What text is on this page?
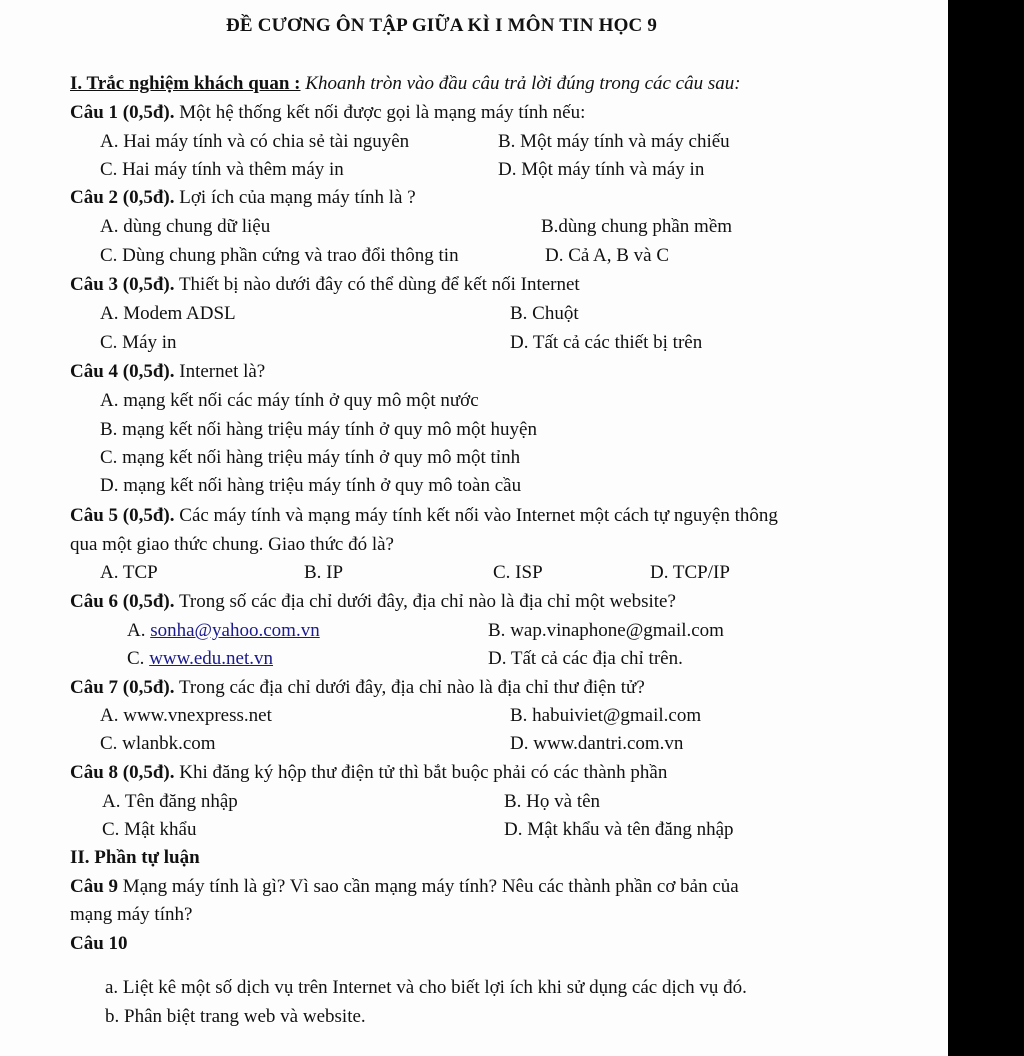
ĐỀ CƯƠNG ÔN TẬP GIỮA KÌ I MÔN TIN HỌC 9
I. Trắc nghiệm khách quan : Khoanh tròn vào đầu câu trả lời đúng trong các câu sau:
Câu 1 (0,5đ). Một hệ thống kết nối được gọi là mạng máy tính nếu:
A. Hai máy tính và có chia sẻ tài nguyên	B. Một máy tính và máy chiếu
C. Hai máy tính và thêm máy in	D. Một máy tính và máy in
Câu 2 (0,5đ). Lợi ích của mạng máy tính là ?
A. dùng chung dữ liệu	B.dùng chung phần mềm
C. Dùng chung phần cứng và trao đổi thông tin	D. Cả A, B và C
Câu 3 (0,5đ). Thiết bị nào dưới đây có thể dùng để kết nối Internet
A. Modem ADSL	B. Chuột
C. Máy in	D. Tất cả các thiết bị trên
Câu 4 (0,5đ). Internet là?
A. mạng kết nối các máy tính ở quy mô một nước
B. mạng kết nối hàng triệu máy tính ở quy mô một huyện
C. mạng kết nối hàng triệu máy tính ở quy mô một tỉnh
D. mạng kết nối hàng triệu máy tính ở quy mô toàn cầu
Câu 5 (0,5đ). Các máy tính và mạng máy tính kết nối vào Internet một cách tự nguyện thông
qua một giao thức chung. Giao thức đó là?
A. TCP	B. IP	C. ISP	D. TCP/IP
Câu 6 (0,5đ). Trong số các địa chỉ dưới đây, địa chỉ nào là địa chỉ một website?
A. sonha@yahoo.com.vn	B. wap.vinaphone@gmail.com
C. www.edu.net.vn	D. Tất cả các địa chỉ trên.
Câu 7 (0,5đ). Trong các địa chỉ dưới đây, địa chỉ nào là địa chỉ thư điện tử?
A. www.vnexpress.net	B. habuiviet@gmail.com
C. wlanbk.com	D. www.dantri.com.vn
Câu 8 (0,5đ). Khi đăng ký hộp thư điện tử thì bắt buộc phải có các thành phần
A. Tên đăng nhập	B. Họ và tên
C. Mật khẩu	D. Mật khẩu và tên đăng nhập
II. Phần tự luận
Câu 9 Mạng máy tính là gì? Vì sao cần mạng máy tính? Nêu các thành phần cơ bản của
mạng máy tính?
Câu 10
a. Liệt kê một số dịch vụ trên Internet và cho biết lợi ích khi sử dụng các dịch vụ đó.
b. Phân biệt trang web và website.
